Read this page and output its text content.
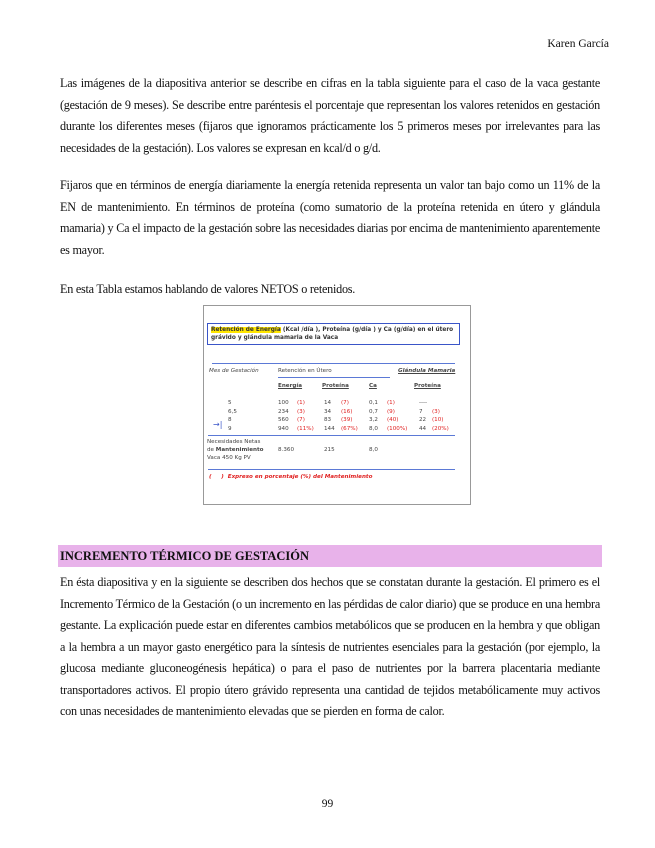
Karen García
Las imágenes de la diapositiva anterior se describe en cifras en la tabla siguiente para el caso de la vaca gestante (gestación de 9 meses). Se describe entre paréntesis el porcentaje que representan los valores retenidos en gestación durante los diferentes meses (fijaros que ignoramos prácticamente los 5 primeros meses por irrelevantes para las necesidades de la gestación). Los valores se expresan en kcal/d o g/d.
Fijaros que en términos de energía diariamente la energía retenida representa un valor tan bajo como un 11% de la EN de mantenimiento. En términos de proteína (como sumatorio de la proteína retenida en útero y glándula mamaria) y Ca el impacto de la gestación sobre las necesidades diarias por encima de mantenimiento aparentemente es mayor.
En esta Tabla estamos hablando de valores NETOS o retenidos.
Retención de Energía (Kcal /día ), Proteína (g/día ) y Ca (g/día) en el útero grávido y glándula mamaria de la Vaca
Mes de Gestación	Retención en Útero	Glándula Mamaria
Energía	Proteína	Ca	Proteína
5	100 (1)	14 (7)	0,1 (1)	----
6,5	234 (3)	34 (16)	0,7 (9)	7 (3)
8	560 (7)	83 (39)	3,2 (40)	22 (10)
9	940 (11%) 144 (67%) 8,0 (100%) 44 (20%)
→|
Necesidades Netas
de Mantenimiento
Vaca 450 Kg PV
8.360	215	8,0
(     )  Expreso en porcentaje (%) del Mantenimiento
INCREMENTO TÉRMICO DE GESTACIÓN
En ésta diapositiva y en la siguiente se describen dos hechos que se constatan durante la gestación. El primero es el Incremento Térmico de la Gestación (o un incremento en las pérdidas de calor diario) que se produce en una hembra gestante. La explicación puede estar en diferentes cambios metabólicos que se producen en la hembra y que obligan a la hembra a un mayor gasto energético para la síntesis de nutrientes esenciales para la gestación (por ejemplo, la glucosa mediante gluconeogénesis hepática) o para el paso de nutrientes por la barrera placentaria mediante transportadores activos. El propio útero grávido representa una cantidad de tejidos metabólicamente muy activos con unas necesidades de mantenimiento elevadas que se pierden en forma de calor.
99
